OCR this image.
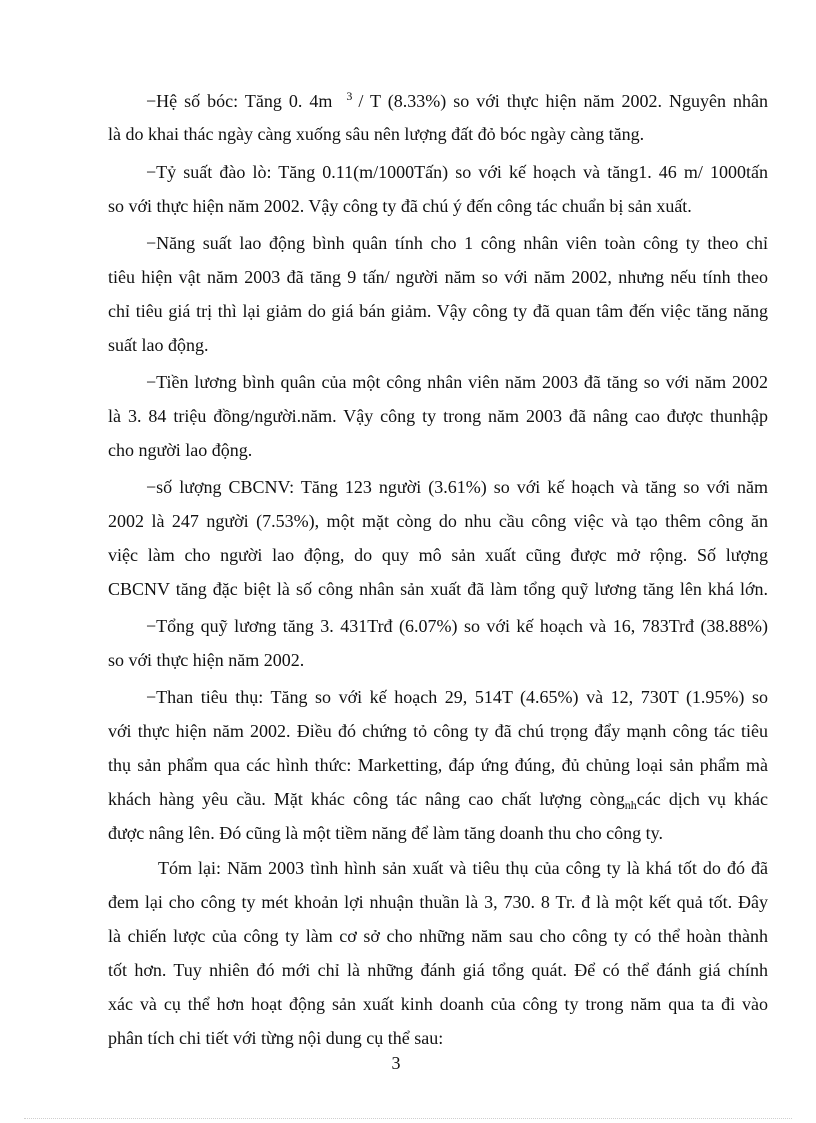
−Hệ số bóc: Tăng 0. 4m $^3$ / T (8.33%) so với thực hiện năm 2002. Nguyên nhân
là do khai thác ngày càng xuống sâu nên lượng đất đỏ bóc ngày càng tăng.
−Tỷ suất đào lò: Tăng 0.11(m/1000Tấn) so với kế hoạch và tăng1. 46 m/ 1000tấn
so với thực hiện năm 2002. Vậy công ty đã chú ý đến công tác chuẩn bị sản xuất.
−Năng suất lao động bình quân tính cho 1 công nhân viên toàn công ty theo chỉ
tiêu hiện vật năm 2003 đã tăng 9 tấn/ người năm so với năm 2002, nhưng nếu tính theo
chỉ tiêu giá trị thì lại giảm do giá bán giảm. Vậy công ty đã quan tâm đến việc tăng năng
suất lao động.
−Tiền lương bình quân của một công nhân viên năm 2003 đã tăng so với năm 2002
là 3. 84 triệu đồng/người.năm. Vậy công ty trong năm 2003 đã nâng cao được thunhập
cho người lao động.
−số lượng CBCNV: Tăng 123 người (3.61%) so với kế hoạch và tăng so với năm
2002 là 247 người (7.53%), một mặt còng do nhu cầu công việc và tạo thêm công ăn
việc làm cho người lao động, do quy mô sản xuất cũng được mở rộng. Số lượng
CBCNV tăng đặc biệt là số công nhân sản xuất đã làm tổng quỹ lương tăng lên khá lớn.
−Tổng quỹ lương tăng 3. 431Trđ (6.07%) so với kế hoạch và 16, 783Trđ (38.88%)
so với thực hiện năm 2002.
−Than tiêu thụ: Tăng so với kế hoạch 29, 514T (4.65%) và 12, 730T (1.95%) so
với thực hiện năm 2002. Điều đó chứng tỏ công ty đã chú trọng đẩy mạnh công tác tiêu
thụ sản phẩm qua các hình thức: Marketting, đáp ứng đúng, đủ chủng loại sản phẩm mà
khách hàng yêu cầu. Mặt khác công tác nâng cao chất lượng còng$_{nh}$các dịch vụ khác
được nâng lên. Đó cũng là một tiềm năng để làm tăng doanh thu cho công ty.
Tóm lại: Năm 2003 tình hình sản xuất và tiêu thụ của công ty là khá tốt do đó đã
đem lại cho công ty mét khoản lợi nhuận thuần là 3, 730. 8 Tr. đ là một kết quả tốt. Đây
là chiến lược của công ty làm cơ sở cho những năm sau cho công ty có thể hoàn thành
tốt hơn. Tuy nhiên đó mới chỉ là những đánh giá tổng quát. Để có thể đánh giá chính
xác và cụ thể hơn hoạt động sản xuất kinh doanh của công ty trong năm qua ta đi vào
phân tích chi tiết với từng nội dung cụ thể sau:
3
